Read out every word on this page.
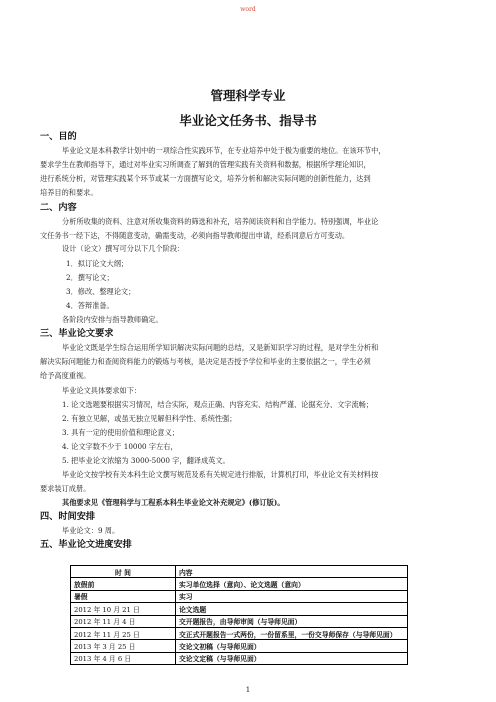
word
管理科学专业
毕业论文任务书、指导书
一、目的
毕业论文是本科教学计划中的一项综合性实践环节，在专业培养中处于极为重要的地位。在该环节中，
要求学生在教师指导下，通过对毕业实习所调查了解到的管理实践有关资料和数据，根据所学理论知识，
进行系统分析，对管理实践某个环节或某一方面撰写论文，培养分析和解决实际问题的创新性能力，达到
培养目的和要求。
二、内容
分析所收集的资料、注意对所收集资料的筛选和补充，培养阅读资料和自学能力。特别强调，毕业论
文任务书一经下达，不得随意变动，确需变动，必须向指导教师提出申请，经系同意后方可变动。
设计（论文）撰写可分以下几个阶段：
1．拟订论文大纲；
2．撰写论文；
3．修改、整理论文；
4．答辩准备。
各阶段内安排与指导教师确定。
三、毕业论文要求
毕业论文既是学生综合运用所学知识解决实际问题的总结，又是新知识学习的过程，是对学生分析和
解决实际问题能力和查阅资料能力的锻炼与考核，是决定是否授予学位和毕业的主要依据之一，学生必须
给予高度重视。
毕业论文具体要求如下：
1. 论文选题要根据实习情况，结合实际，观点正确、内容充实、结构严谨、论据充分、文字流畅；
2. 有独立见解，或虽无独立见解但科学性、系统性强；
3. 具有一定的使用价值和理论意义；
4. 论文字数不少于 10000 字左右，
5. 把毕业论文浓缩为 3000-5000 字，翻译成英文。
毕业论文按学校有关本科生论文撰写规范及系有关规定进行排版，计算机打印，毕业论文有关材料按
要求装订成册。
其他要求见《管理科学与工程系本科生毕业论文补充规定》(修订版)。
四、时间安排
毕业论文：9 周。
五、毕业论文进度安排
时 间	内容
放假前	实习单位选择（意向）、论文选题（意向）
暑假	实习
2012 年 10 月 21 日	论文选题
2012 年 11 月 4 日	交开题报告，由导师审阅（与导师见面）
2012 年 11 月 25 日	交正式开题报告一式两份，一份留系里，一份交导师保存（与导师见面）
2013 年 3 月 25 日	交论文初稿（与导师见面）
2013 年 4 月 6 日	交论文定稿（与导师见面）
1
